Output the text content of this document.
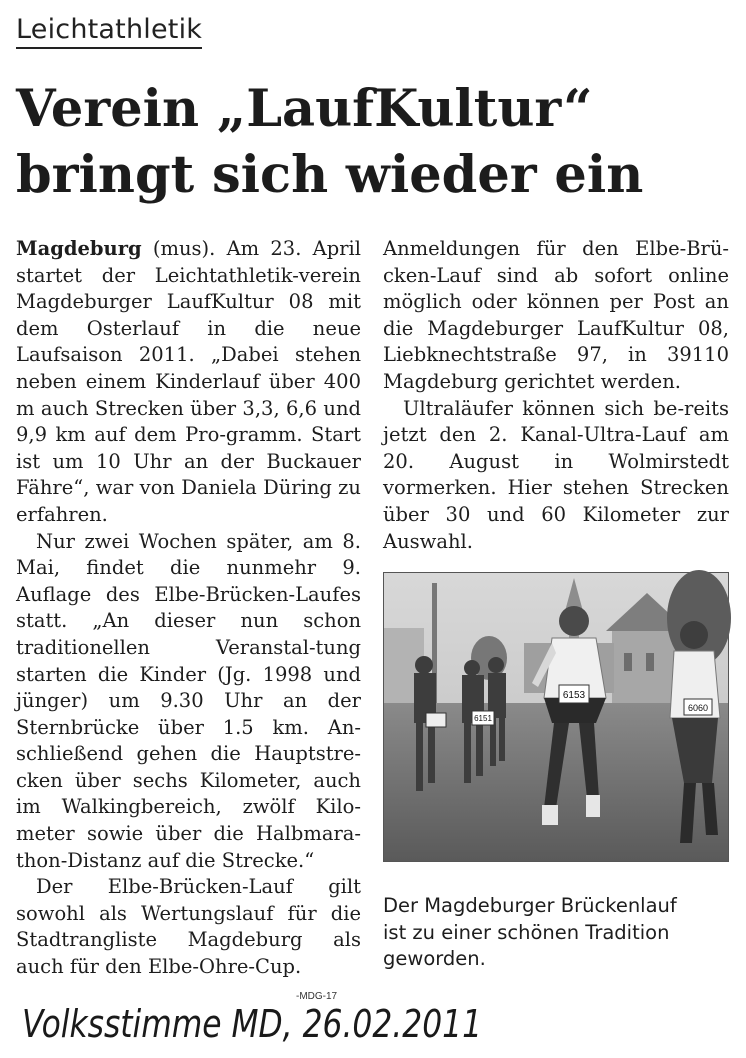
Leichtathletik
Verein „LaufKultur“
bringt sich wieder ein

Magdeburg (mus). Am 23. April startet der Leichtathletik-verein Magdeburger LaufKultur 08 mit dem Osterlauf in die neue Laufsaison 2011. „Dabei stehen neben einem Kinderlauf über 400 m auch Strecken über 3,3, 6,6 und 9,9 km auf dem Pro-gramm. Start ist um 10 Uhr an der Buckauer Fähre“, war von Daniela Düring zu erfahren.

Nur zwei Wochen später, am 8. Mai, findet die nunmehr 9. Auflage des Elbe-Brücken-Laufes statt. „An dieser nun schon traditionellen Veranstal-tung starten die Kinder (Jg. 1998 und jünger) um 9.30 Uhr an der Sternbrücke über 1.5 km. An-schließend gehen die Hauptstre-cken über sechs Kilometer, auch im Walkingbereich, zwölf Kilo-meter sowie über die Halbmara-thon-Distanz auf die Strecke.“

Der Elbe-Brücken-Lauf gilt sowohl als Wertungslauf für die Stadtrangliste Magdeburg als auch für den Elbe-Ohre-Cup.

Anmeldungen für den Elbe-Brü-cken-Lauf sind ab sofort online möglich oder können per Post an die Magdeburger LaufKultur 08, Liebknechtstraße 97, in 39110 Magdeburg gerichtet werden.

Ultraläufer können sich be-reits jetzt den 2. Kanal-Ultra-Lauf am 20. August in Wolmirstedt vormerken. Hier stehen Strecken über 30 und 60 Kilometer zur Auswahl.

6153
6060
6151
Der Magdeburger Brückenlauf
ist zu einer schönen Tradition
geworden.
Volksstimme MD, 26.02.2011
-MDG-17
